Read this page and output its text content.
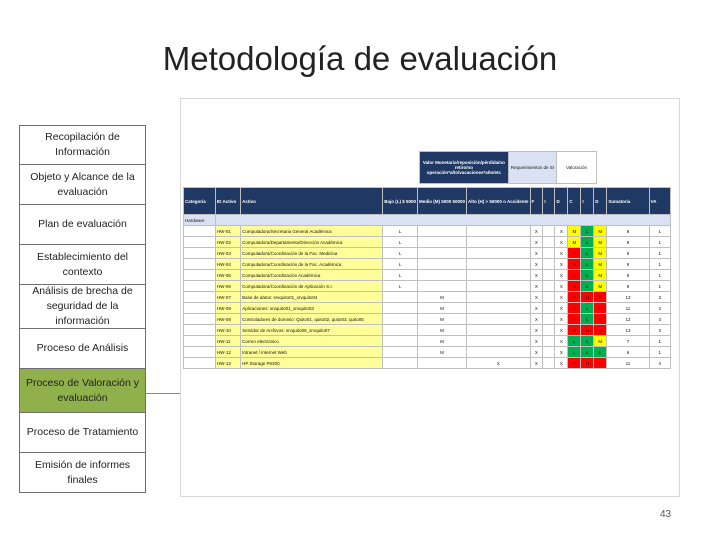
Metodología de evaluación
Recopilación de Información
Objeto y Alcance de la evaluación
Plan de evaluación
Establecimiento del contexto
Análisis de brecha de seguridad de la información
Proceso de Análisis
Proceso de Valoración y evaluación
Proceso de Tratamiento
Emisión de informes finales
Valor Monetario/reposición/pérdida/no retiro/no operación*año/vacaciones*año/etc	Requerimientos de SI	Valoración
Categoría	ID Activo	Activo	Bajo (L) $ 5000	Medio (M) 5000 50000	Alto (H) > 50000 o Accidente	F	I	D	C	I	D	Sumatoria	VA
Hardware													
	HW-01	Computadora/Secretaria General Académica	L			X		X	M	L	M	8	1
	HW-02	Computadora/Departamento/Dirección Académica	L			X		X	M	L	M	9	1
	HW-03	Computadora/Coordinación de la Fac. Medicina	L			X		X	H	L	M	9	1
	HW-04	Computadora/Coordinación de la Fac. Académica	L			X		X	H	L	M	9	1
	HW-05	Computadora/Coordinación Académica	L			X		X	H	L	M	9	1
	HW-06	Computadora/Coordinación de Aplicación S.I.	L			X		X	H	L	M	9	1
	HW-07	Base de datos: srvquito01_srvquito04		M		X		X	H	H	H	13	3
	HW-08	Aplicaciones: srvquito01_srvquito03		M		X		X	H	L	H	11	2
	HW-09	Controladores de dominio: Quito01, quito02, quito03, quito05		M		X		X	H	L	H	12	3
	HW-10	Servidor de Archivos: srvquito08_srvquito07		M		X		X	H	H	H	13	3
	HW-11	Correo electrónico		M		X		X	L	L	M	7	1
	HW-12	Intranet / Internet Web		M		X		X	L	L	L	6	1
	HW-13	HP Storage P6300			X	X		X	H	H	H	11	4
43
